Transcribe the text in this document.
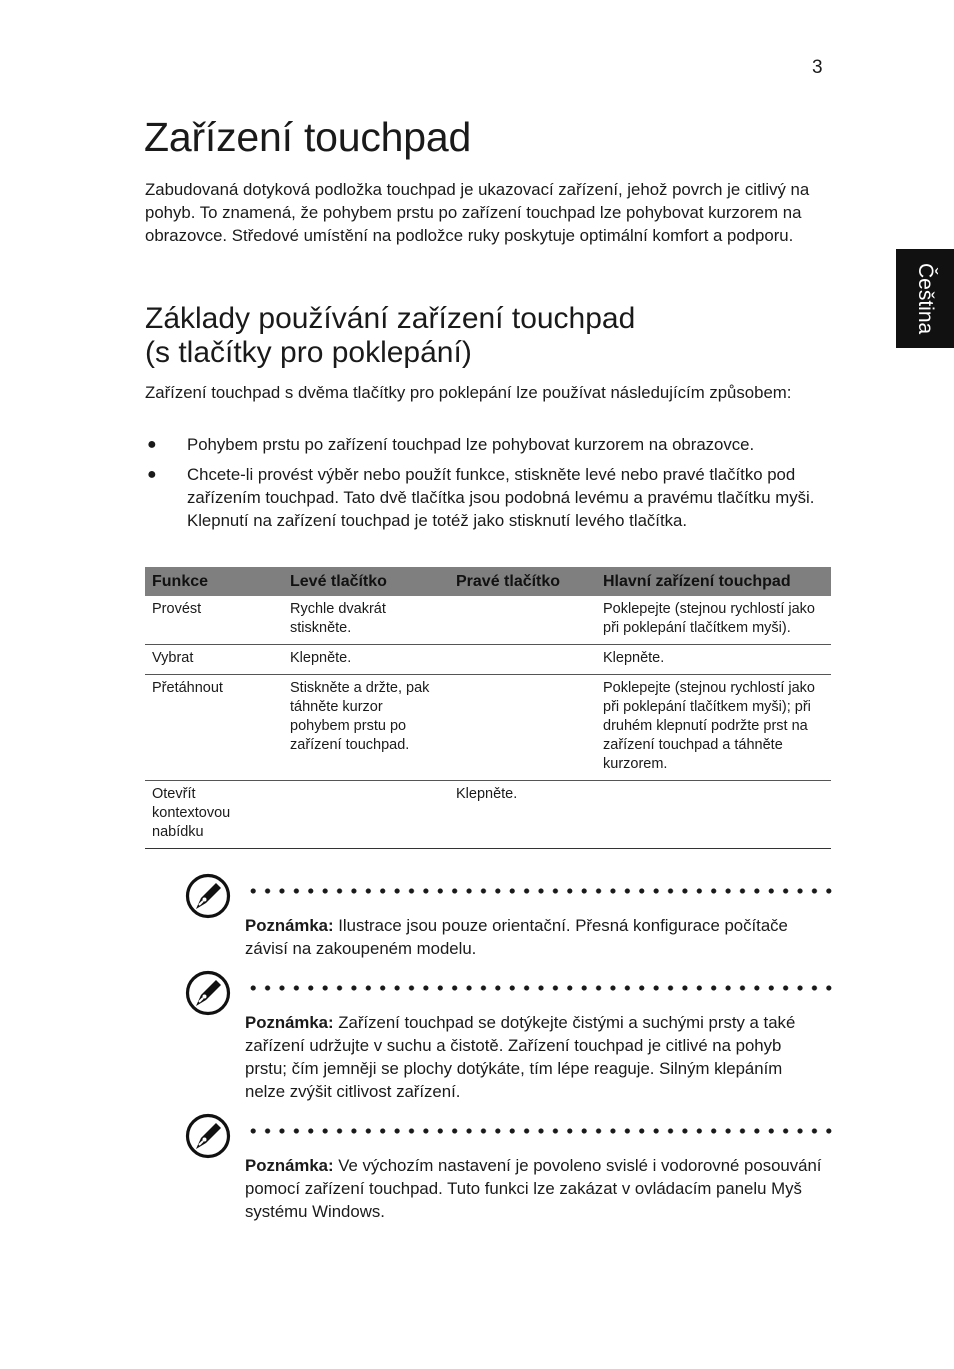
3
Čeština
Zařízení touchpad

Zabudovaná dotyková podložka touchpad je ukazovací zařízení, jehož povrch je citlivý na pohyb. To znamená, že pohybem prstu po zařízení touchpad lze pohybovat kurzorem na obrazovce. Středové umístění na podložce ruky poskytuje optimální komfort a podporu.

Základy používání zařízení touchpad
(s tlačítky pro poklepání)

Zařízení touchpad s dvěma tlačítky pro poklepání lze používat následujícím způsobem:

● Pohybem prstu po zařízení touchpad lze pohybovat kurzorem na obrazovce.
● Chcete-li provést výběr nebo použít funkce, stiskněte levé nebo pravé tlačítko pod zařízením touchpad. Tato dvě tlačítka jsou podobná levému a pravému tlačítku myši. Klepnutí na zařízení touchpad je totéž jako stisknutí levého tlačítka.
Funkce	Levé tlačítko	Pravé tlačítko	Hlavní zařízení touchpad
Provést	Rychle dvakrát stiskněte.		Poklepejte (stejnou rychlostí jako při poklepání tlačítkem myši).
Vybrat	Klepněte.		Klepněte.
Přetáhnout	Stiskněte a držte, pak táhněte kurzor pohybem prstu po zařízení touchpad.		Poklepejte (stejnou rychlostí jako při poklepání tlačítkem myši); při druhém klepnutí podržte prst na zařízení touchpad a táhněte kurzorem.
Otevřít kontextovou nabídku		Klepněte.	

Poznámka: Ilustrace jsou pouze orientační. Přesná konfigurace počítače závisí na zakoupeném modelu.

Poznámka: Zařízení touchpad se dotýkejte čistými a suchými prsty a také zařízení udržujte v suchu a čistotě. Zařízení touchpad je citlivé na pohyb prstu; čím jemněji se plochy dotýkáte, tím lépe reaguje. Silným klepáním nelze zvýšit citlivost zařízení.

Poznámka: Ve výchozím nastavení je povoleno svislé i vodorovné posouvání pomocí zařízení touchpad. Tuto funkci lze zakázat v ovládacím panelu Myš systému Windows.
